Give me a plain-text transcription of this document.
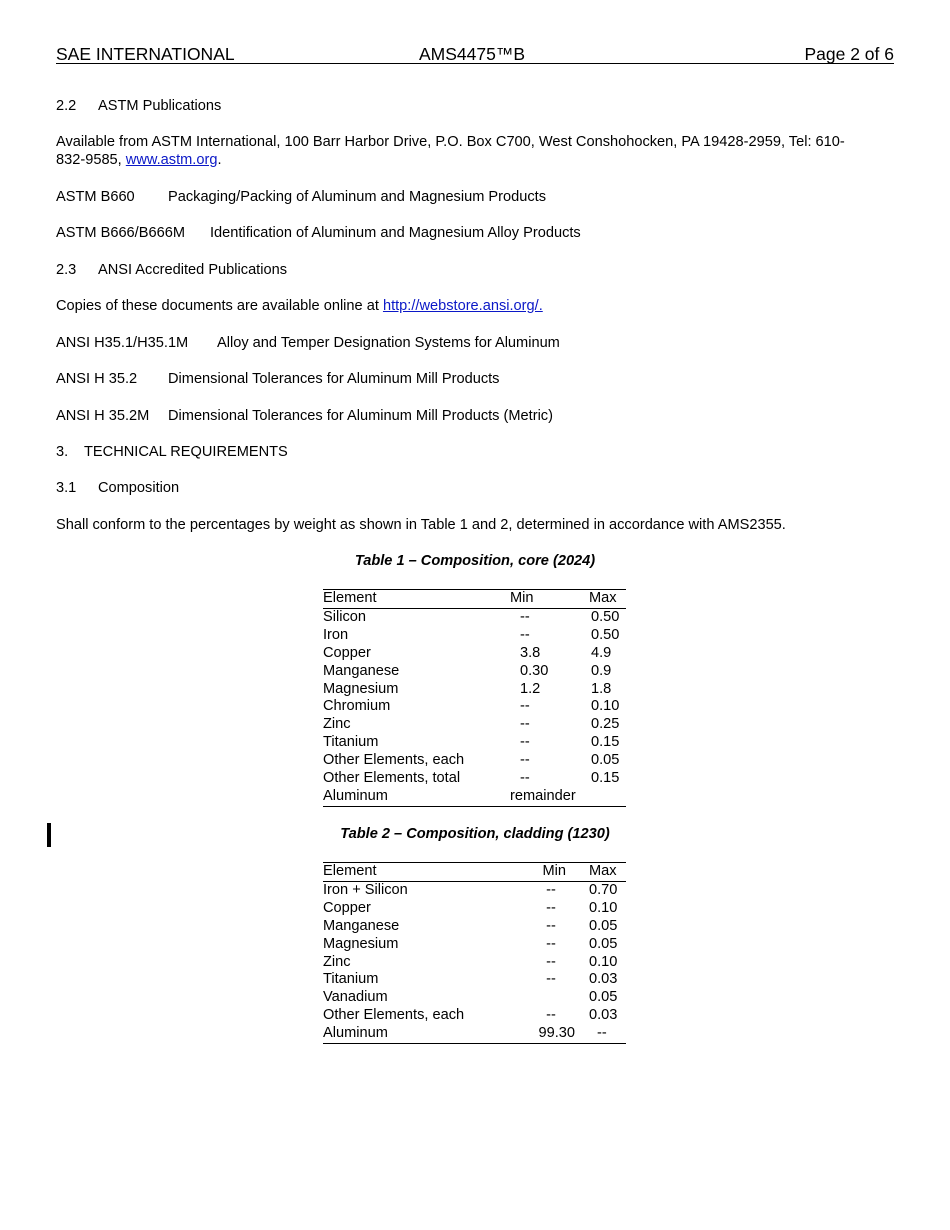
SAE INTERNATIONAL	AMS4475™B	Page 2 of 6
2.2 ASTM Publications
Available from ASTM International, 100 Barr Harbor Drive, P.O. Box C700, West Conshohocken, PA 19428-2959, Tel: 610-
832-9585, www.astm.org.
ASTM B660 Packaging/Packing of Aluminum and Magnesium Products
ASTM B666/B666M Identification of Aluminum and Magnesium Alloy Products
2.3 ANSI Accredited Publications
Copies of these documents are available online at http://webstore.ansi.org/.
ANSI H35.1/H35.1M Alloy and Temper Designation Systems for Aluminum
ANSI H 35.2 Dimensional Tolerances for Aluminum Mill Products
ANSI H 35.2M Dimensional Tolerances for Aluminum Mill Products (Metric)
3. TECHNICAL REQUIREMENTS
3.1 Composition
Shall conform to the percentages by weight as shown in Table 1 and 2, determined in accordance with AMS2355.
Table 1 – Composition, core (2024)
Element	Min	Max
Silicon	--	0.50
Iron	--	0.50
Copper	3.8	4.9
Manganese	0.30	0.9
Magnesium	1.2	1.8
Chromium	--	0.10
Zinc	--	0.25
Titanium	--	0.15
Other Elements, each	--	0.05
Other Elements, total	--	0.15
Aluminum	remainder	
Table 2 – Composition, cladding (1230)
Element	Min	Max
Iron + Silicon	--	0.70
Copper	--	0.10
Manganese	--	0.05
Magnesium	--	0.05
Zinc	--	0.10
Titanium	--	0.03
Vanadium		0.05
Other Elements, each	--	0.03
Aluminum	99.30	--
